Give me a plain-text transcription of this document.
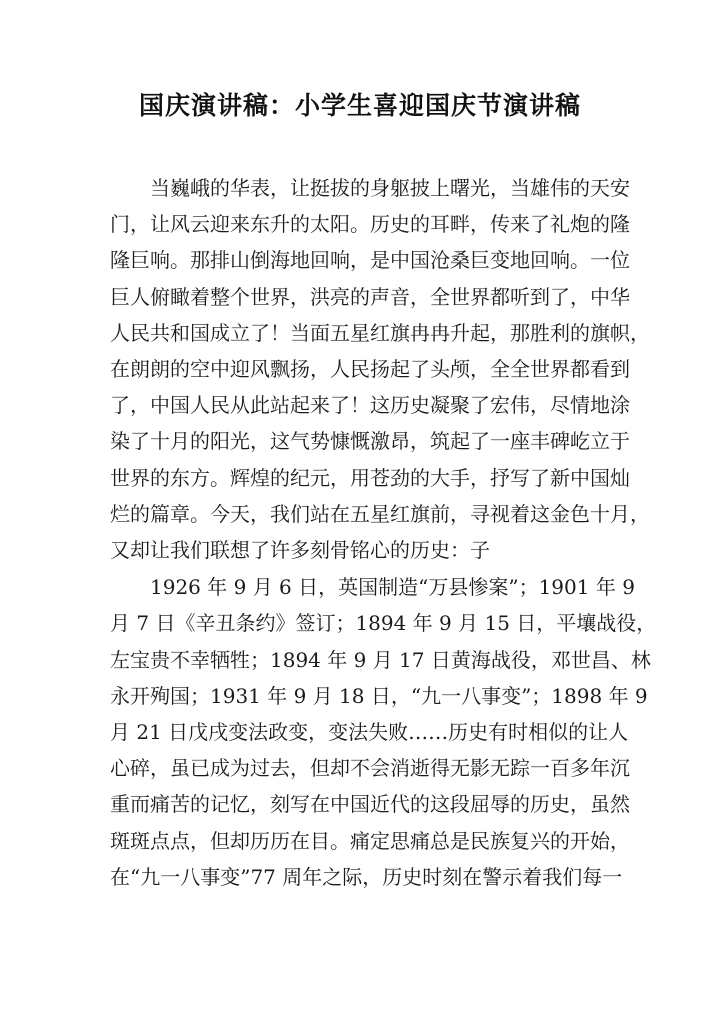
国庆演讲稿：小学生喜迎国庆节演讲稿
当巍峨的华表，让挺拔的身躯披上曙光，当雄伟的天安
门，让风云迎来东升的太阳。历史的耳畔，传来了礼炮的隆
隆巨响。那排山倒海地回响，是中国沧桑巨变地回响。一位
巨人俯瞰着整个世界，洪亮的声音，全世界都听到了，中华
人民共和国成立了！当面五星红旗冉冉升起，那胜利的旗帜，
在朗朗的空中迎风飘扬，人民扬起了头颅，全全世界都看到
了，中国人民从此站起来了！这历史凝聚了宏伟，尽情地涂
染了十月的阳光，这气势慷慨激昂，筑起了一座丰碑屹立于
世界的东方。辉煌的纪元，用苍劲的大手，抒写了新中国灿
烂的篇章。今天，我们站在五星红旗前，寻视着这金色十月，
又却让我们联想了许多刻骨铭心的历史：子
1926 年 9 月 6 日，英国制造“万县惨案”；1901 年 9
月 7 日《辛丑条约》签订；1894 年 9 月 15 日，平壤战役，
左宝贵不幸牺牲；1894 年 9 月 17 日黄海战役，邓世昌、林
永开殉国；1931 年 9 月 18 日，“九一八事变”；1898 年 9
月 21 日戊戌变法政变，变法失败……历史有时相似的让人
心碎，虽已成为过去，但却不会消逝得无影无踪一百多年沉
重而痛苦的记忆，刻写在中国近代的这段屈辱的历史，虽然
斑斑点点，但却历历在目。痛定思痛总是民族复兴的开始，
在“九一八事变”77 周年之际，历史时刻在警示着我们每一
